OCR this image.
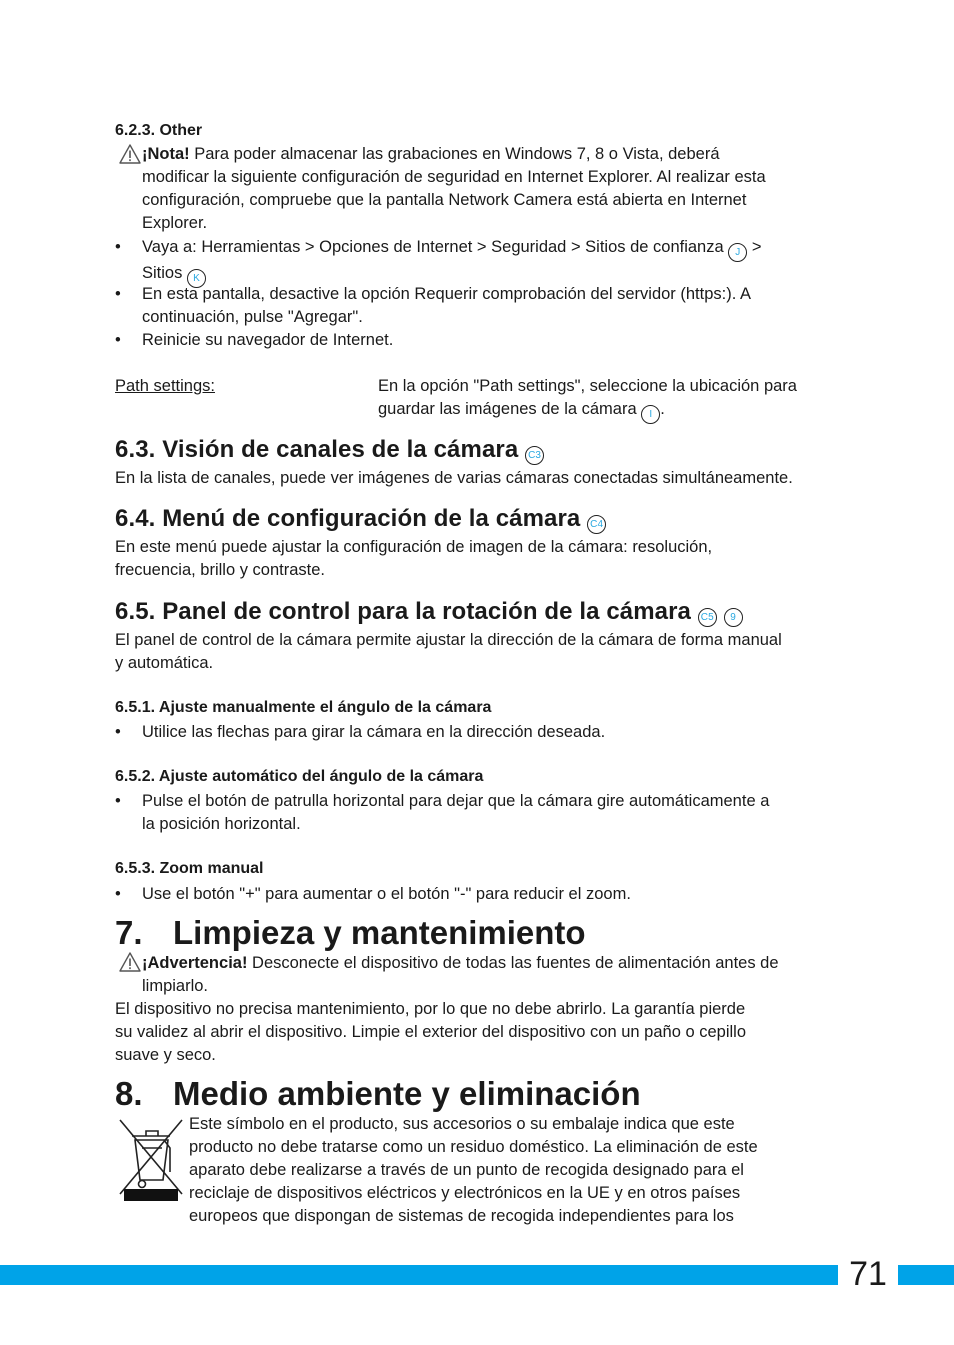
6.2.3. Other
¡Nota! Para poder almacenar las grabaciones en Windows 7, 8 o Vista, deberá
modificar la siguiente configuración de seguridad en Internet Explorer. Al realizar esta
configuración, compruebe que la pantalla Network Camera está abierta en Internet
Explorer.
• Vaya a: Herramientas > Opciones de Internet > Seguridad > Sitios de confianza J >
Sitios K
• En esta pantalla, desactive la opción Requerir comprobación del servidor (https:). A
continuación, pulse "Agregar".
• Reinicie su navegador de Internet.
Path settings:	En la opción "Path settings", seleccione la ubicación para
guardar las imágenes de la cámara I .
6.3. Visión de canales de la cámara C3
En la lista de canales, puede ver imágenes de varias cámaras conectadas simultáneamente.
6.4. Menú de configuración de la cámara C4
En este menú puede ajustar la configuración de imagen de la cámara: resolución,
frecuencia, brillo y contraste.
6.5. Panel de control para la rotación de la cámara C5 9
El panel de control de la cámara permite ajustar la dirección de la cámara de forma manual
y automática.
6.5.1. Ajuste manualmente el ángulo de la cámara
• Utilice las flechas para girar la cámara en la dirección deseada.
6.5.2. Ajuste automático del ángulo de la cámara
• Pulse el botón de patrulla horizontal para dejar que la cámara gire automáticamente a
la posición horizontal.
6.5.3. Zoom manual
• Use el botón "+" para aumentar o el botón "-" para reducir el zoom.
7. Limpieza y mantenimiento
¡Advertencia! Desconecte el dispositivo de todas las fuentes de alimentación antes de
limpiarlo.
El dispositivo no precisa mantenimiento, por lo que no debe abrirlo. La garantía pierde
su validez al abrir el dispositivo. Limpie el exterior del dispositivo con un paño o cepillo
suave y seco.
8. Medio ambiente y eliminación
Este símbolo en el producto, sus accesorios o su embalaje indica que este
producto no debe tratarse como un residuo doméstico. La eliminación de este
aparato debe realizarse a través de un punto de recogida designado para el
reciclaje de dispositivos eléctricos y electrónicos en la UE y en otros países
europeos que dispongan de sistemas de recogida independientes para los
71
